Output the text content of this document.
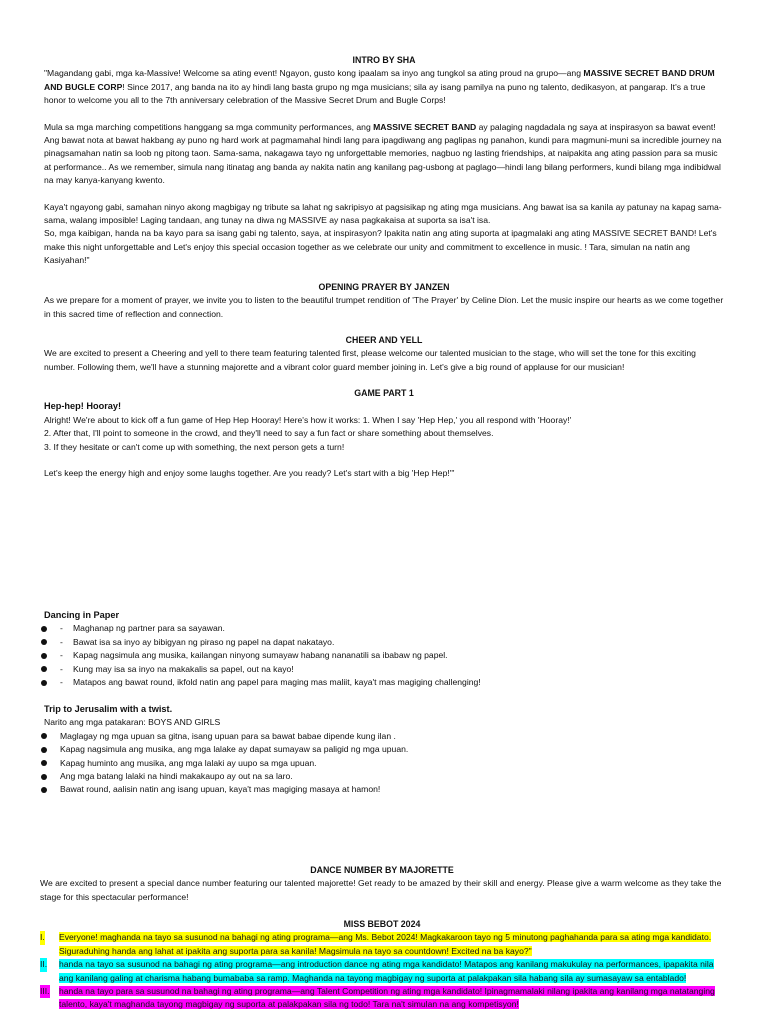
INTRO BY SHA

"Magandang gabi, mga ka-Massive! Welcome sa ating event! Ngayon, gusto kong ipaalam sa inyo ang tungkol sa ating proud na grupo—ang MASSIVE SECRET BAND DRUM AND BUGLE CORP! Since 2017, ang banda na ito ay hindi lang basta grupo ng mga musicians; sila ay isang pamilya na puno ng talento, dedikasyon, at pangarap. It's a true honor to welcome you all to the 7th anniversary celebration of the Massive Secret Drum and Bugle Corps!

Mula sa mga marching competitions hanggang sa mga community performances, ang MASSIVE SECRET BAND ay palaging nagdadala ng saya at inspirasyon sa bawat event! Ang bawat nota at bawat hakbang ay puno ng hard work at pagmamahal hindi lang para ipagdiwang ang paglipas ng panahon, kundi para magmuni-muni sa incredible journey na pinagsamahan natin sa loob ng pitong taon. Sama-sama, nakagawa tayo ng unforgettable memories, nagbuo ng lasting friendships, at naipakita ang ating passion para sa music at performance.. As we remember, simula nang itinatag ang banda ay nakita natin ang kanilang pag-usbong at paglago—hindi lang bilang performers, kundi bilang mga indibidwal na may kanya-kanyang kwento.

Kaya't ngayong gabi, samahan ninyo akong magbigay ng tribute sa lahat ng sakripisyo at pagsisikap ng ating mga musicians. Ang bawat isa sa kanila ay patunay na kapag sama-sama, walang imposible! Laging tandaan, ang tunay na diwa ng MASSIVE ay nasa pagkakaisa at suporta sa isa't isa.

So, mga kaibigan, handa na ba kayo para sa isang gabi ng talento, saya, at inspirasyon? Ipakita natin ang ating suporta at ipagmalaki ang ating MASSIVE SECRET BAND! Let's make this night unforgettable and Let's enjoy this special occasion together as we celebrate our unity and commitment to excellence in music. ! Tara, simulan na natin ang Kasiyahan!"

OPENING PRAYER BY JANZEN

As we prepare for a moment of prayer, we invite you to listen to the beautiful trumpet rendition of 'The Prayer' by Celine Dion. Let the music inspire our hearts as we come together in this sacred time of reflection and connection.

CHEER AND YELL

We are excited to present a Cheering and yell to there team featuring talented first, please welcome our talented musician to the stage, who will set the tone for this exciting number. Following them, we'll have a stunning majorette and a vibrant color guard member joining in. Let's give a big round of applause for our musician!

GAME PART 1
Hep-hep! Hooray!

Alright! We're about to kick off a fun game of Hep Hep Hooray! Here's how it works: 1. When I say 'Hep Hep,' you all respond with 'Hooray!'

2. After that, I'll point to someone in the crowd, and they'll need to say a fun fact or share something about themselves.

3. If they hesitate or can't come up with something, the next person gets a turn!

Let's keep the energy high and enjoy some laughs together. Are you ready? Let's start with a big 'Hep Hep!'"

Dancing in Paper
- Maghanap ng partner para sa sayawan.
- Bawat isa sa inyo ay bibigyan ng piraso ng papel na dapat nakatayo.
- Kapag nagsimula ang musika, kailangan ninyong sumayaw habang nananatili sa ibabaw ng papel.
- Kung may isa sa inyo na makakalis sa papel, out na kayo!
- Matapos ang bawat round, ikfold natin ang papel para maging mas maliit, kaya't mas magiging challenging!
Trip to Jerusalim with a twist.

Narito ang mga patakaran: BOYS AND GIRLS

Maglagay ng mga upuan sa gitna, isang upuan para sa bawat babae dipende kung ilan .
Kapag nagsimula ang musika, ang mga lalake ay dapat sumayaw sa paligid ng mga upuan.
Kapag huminto ang musika, ang mga lalaki ay uupo sa mga upuan.
Ang mga batang lalaki na hindi makakaupo ay out na sa laro.
Bawat round, aalisin natin ang isang upuan, kaya't mas magiging masaya at hamon!
DANCE NUMBER BY MAJORETTE

We are excited to present a special dance number featuring our talented majorette! Get ready to be amazed by their skill and energy. Please give a warm welcome as they take the stage for this spectacular performance!

MISS BEBOT 2024
I. Everyone! maghanda na tayo sa susunod na bahagi ng ating programa—ang Ms. Bebot 2024! Magkakaroon tayo ng 5 minutong paghahanda para sa ating mga kandidato. Siguraduhing handa ang lahat at ipakita ang suporta para sa kanila! Magsimula na tayo sa countdown! Excited na ba kayo?"
II. handa na tayo sa susunod na bahagi ng ating programa—ang introduction dance ng ating mga kandidato! Matapos ang kanilang makukulay na performances, ipapakita nila ang kanilang galing at charisma habang bumababa sa ramp. Maghanda na tayong magbigay ng suporta at palakpakan sila habang sila ay sumasayaw sa entablado!
III. handa na tayo para sa susunod na bahagi ng ating programa—ang Talent Competition ng ating mga kandidato! Ipinagmamalaki nilang ipakita ang kanilang mga natatanging talento, kaya't maghanda tayong magbigay ng suporta at palakpakan sila ng todo! Tara na't simulan na ang kompetisyon!
